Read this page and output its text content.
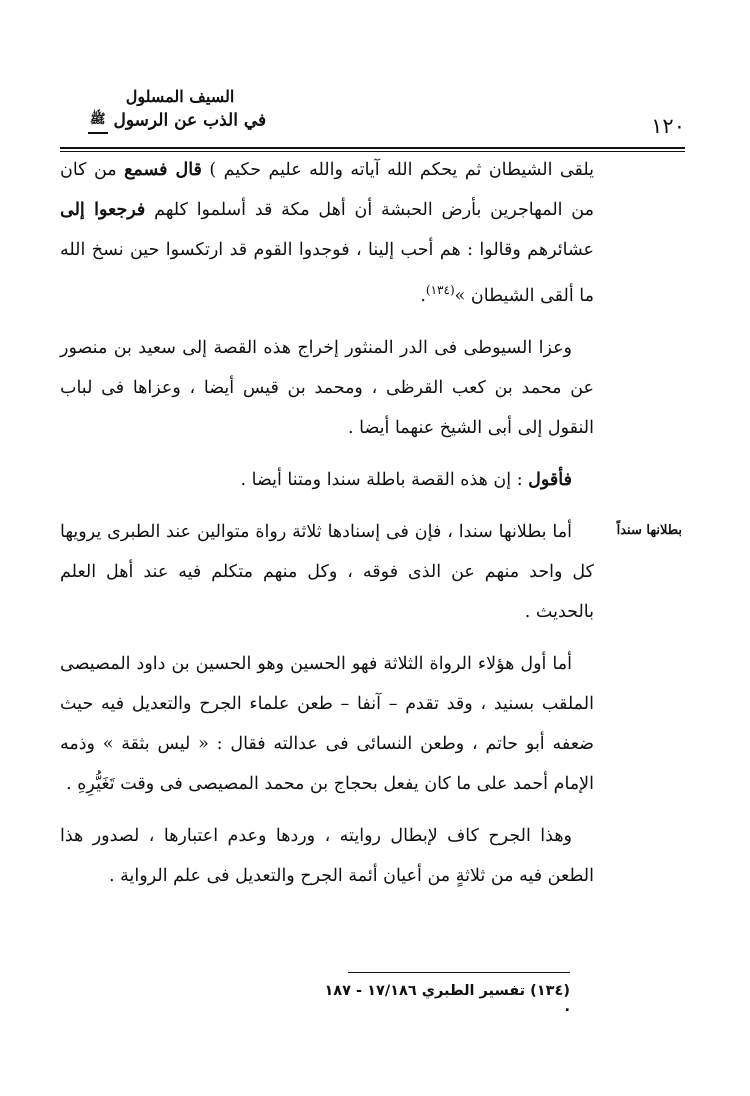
السيف المسلول
في الذب عن الرسول ﷺ	١٢٠

يلقى الشيطان ثم يحكم الله آياته والله عليم حكيم ) قال فسمع من كان من المهاجرين بأرض الحبشة أن أهل مكة قد أسلموا كلهم فرجعوا إلى عشائرهم وقالوا : هم أحب إلينا ، فوجدوا القوم قد ارتكسوا حين نسخ الله ما ألقى الشيطان »$^{(١٣٤)}$.

وعزا السيوطى فى الدر المنثور إخراج هذه القصة إلى سعيد بن منصور عن محمد بن كعب القرظى ، ومحمد بن قيس أيضا ، وعزاها فى لباب النقول إلى أبى الشيخ عنهما أيضا .

فأقول : إن هذه القصة باطلة سندا ومتنا أيضا .

أما بطلانها سندا ، فإن فى إسنادها ثلاثة رواة متوالين عند الطبرى يرويها كل واحد منهم عن الذى فوقه ، وكل منهم متكلم فيه عند أهل العلم بالحديث .

أما أول هؤلاء الرواة الثلاثة فهو الحسين وهو الحسين بن داود المصيصى الملقب بسنيد ، وقد تقدم – آنفا – طعن علماء الجرح والتعديل فيه حيث ضعفه أبو حاتم ، وطعن النسائى فى عدالته فقال : « ليس بثقة » وذمه الإمام أحمد على ما كان يفعل بحجاج بن محمد المصيصى فى وقت تَغَيُّرِهِ .

وهذا الجرح كاف لإبطال روايته ، وردها وعدم اعتبارها ، لصدور هذا الطعن فيه من ثلاثةٍ من أعيان أئمة الجرح والتعديل فى علم الرواية .

بطلانها سنداً
(١٣٤) تفسير الطبري ١٧/١٨٦ - ١٨٧ .
